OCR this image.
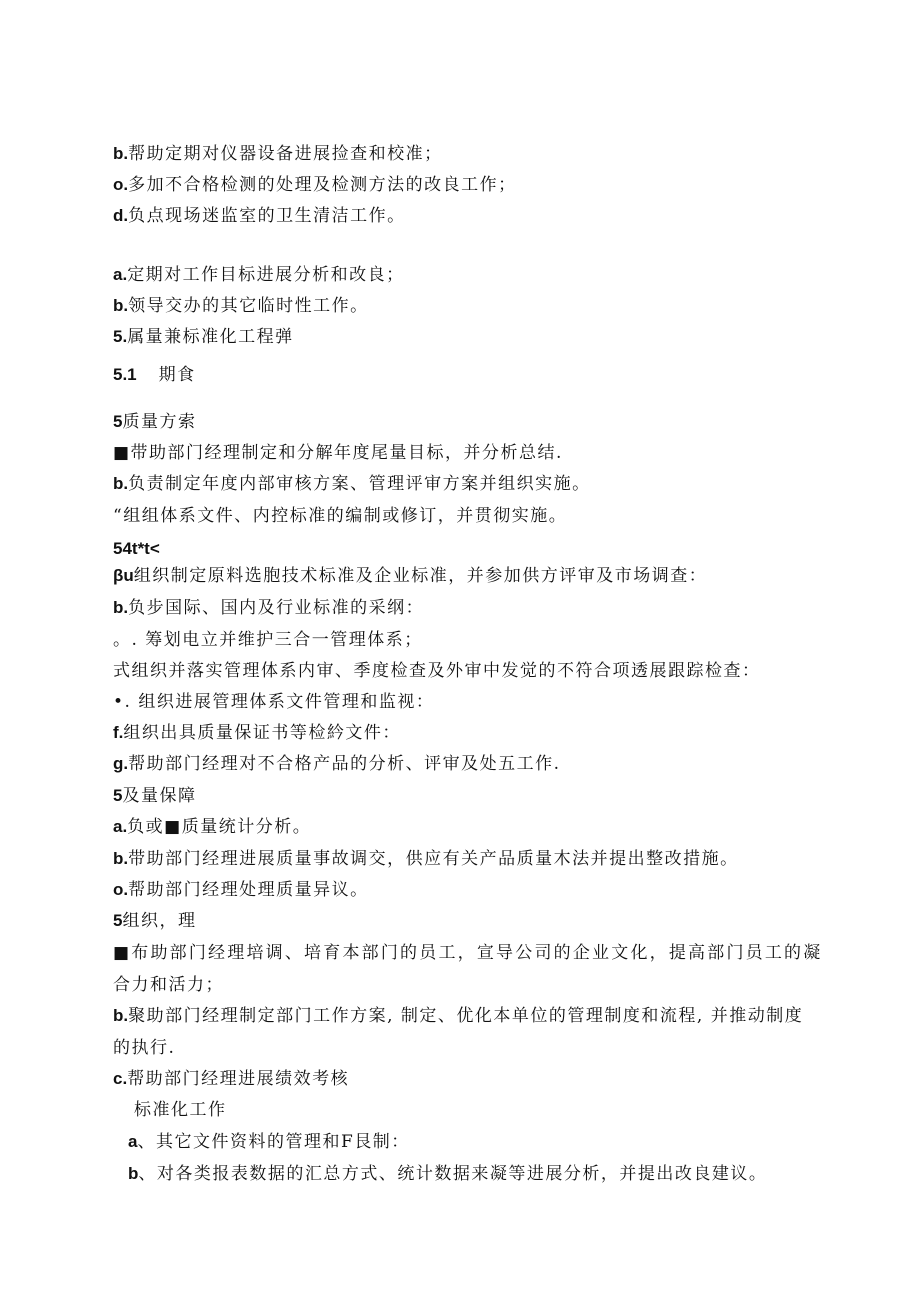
b.帮助定期对仪器设备进展捡查和校准；
o.多加不合格检测的处理及检测方法的改良工作；
d.负点现场迷监室的卫生清洁工作。
a.定期对工作目标进展分析和改良；
b.领导交办的其它临时性工作。
5.属量兼标准化工程弹
5.1 期食
5质量方索
■带助部门经理制定和分解年度尾量目标，并分析总结.
b.负责制定年度内部审核方案、管理评审方案并组织实施。
“组组体系文件、内控标准的编制或修订，并贯彻实施。
54t*t<
βu组织制定原料选胞技术标准及企业标准，并参加供方评审及市场调查：
b.负步国际、国内及行业标准的采纲：
。. 筹划电立并维护三合一管理体系；
式组织并落实管理体系内审、季度检查及外审中发觉的不符合项透展跟踪检查：
•. 组织进展管理体系文件管理和监视：
f.组织出具质量保证书等检紟文件：
g.帮助部门经理对不合格产品的分析、评审及处五工作.
5及量保障
a.负或■质量统计分析。
b.带助部门经理进展质量事故调交，供应有关产品质量木法并提出整改措施。
o.帮助部门经理处理质量异议。
5组织，理
■布助部门经理培调、培育本部门的员工，宣导公司的企业文化，提高部门员工的凝
合力和活力；
b.聚助部门经理制定部门工作方案, 制定、优化本单位的管理制度和流程, 并推动制度
的执行.
c.帮助部门经理进展绩效考核
标准化工作
a、其它文件资料的管理和F艮制：
b、对各类报表数据的汇总方式、统计数据来凝等进展分析，并提出改良建议。
